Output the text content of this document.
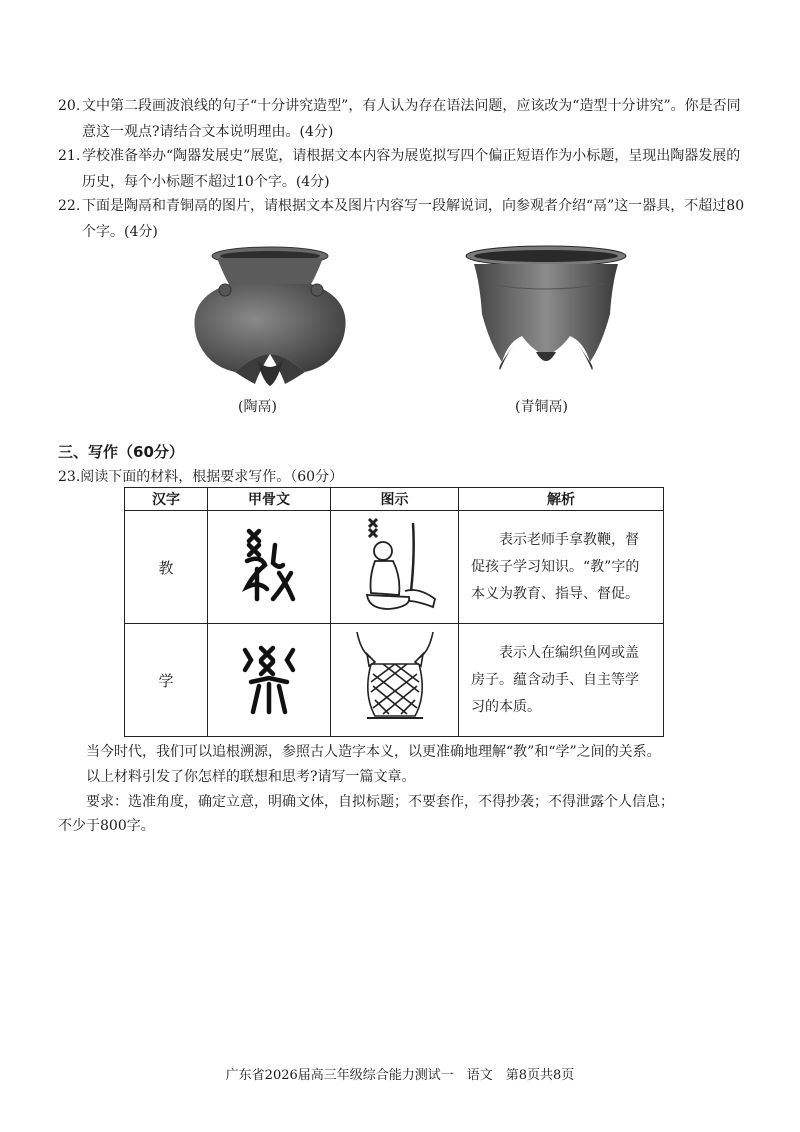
20. 文中第二段画波浪线的句子“十分讲究造型”，有人认为存在语法问题，应该改为“造型十分讲究”。你是否同意这一观点?请结合文本说明理由。(4分)
21. 学校准备举办“陶器发展史”展览，请根据文本内容为展览拟写四个偏正短语作为小标题，呈现出陶器发展的历史，每个小标题不超过10个字。(4分)
22. 下面是陶鬲和青铜鬲的图片，请根据文本及图片内容写一段解说词，向参观者介绍“鬲”这一器具，不超过80个字。(4分)
(陶鬲)	(青铜鬲)
三、写作（60分）
23.阅读下面的材料，根据要求写作。（60分）
汉字	甲骨文	图示	解析
教			表示老师手拿教鞭，督促孩子学习知识。“教”字的本义为教育、指导、督促。

学			表示人在编织鱼网或盖房子。蕴含动手、自主等学习的本质。
当今时代，我们可以追根溯源，参照古人造字本义，以更准确地理解“教”和“学”之间的关系。
以上材料引发了你怎样的联想和思考?请写一篇文章。
要求：选准角度，确定立意，明确文体，自拟标题；不要套作，不得抄袭；不得泄露个人信息；
不少于800字。
广东省2026届高三年级综合能力测试一　语文　第8页共8页
